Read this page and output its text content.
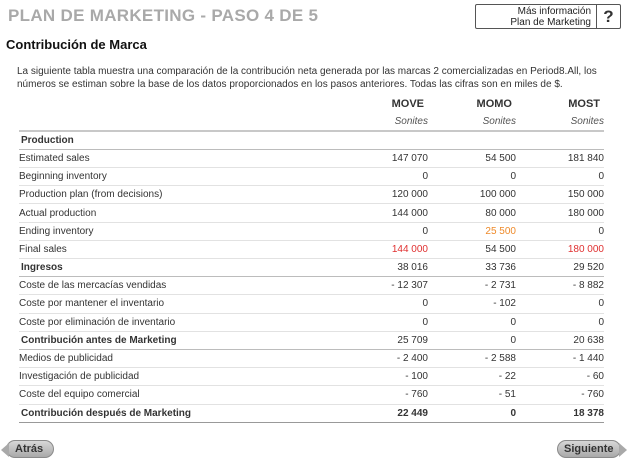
PLAN DE MARKETING - PASO 4 DE 5	Más información
Plan de Marketing ?
Contribución de Marca
La siguiente tabla muestra una comparación de la contribución neta generada por las marcas 2 comercializadas en Period8.All, los números se estiman sobre la base de los datos proporcionados en los pasos anteriores. Todas las cifras son en miles de $.
	MOVE	MOMO	MOST
	Sonites	Sonites	Sonites
Production			
Estimated sales	147 070	54 500	181 840
Beginning inventory	0	0	0
Production plan (from decisions)	120 000	100 000	150 000
Actual production	144 000	80 000	180 000
Ending inventory	0	25 500	0
Final sales	144 000	54 500	180 000
Ingresos	38 016	33 736	29 520
Coste de las mercacías vendidas	- 12 307	- 2 731	- 8 882
Coste por mantener el inventario	0	- 102	0
Coste por eliminación de inventario	0	0	0
Contribución antes de Marketing	25 709	0	20 638
Medios de publicidad	- 2 400	- 2 588	- 1 440
Investigación de publicidad	- 100	- 22	- 60
Coste del equipo comercial	- 760	- 51	- 760
Contribución después de Marketing	22 449	0	18 378
Atrás	Siguiente
